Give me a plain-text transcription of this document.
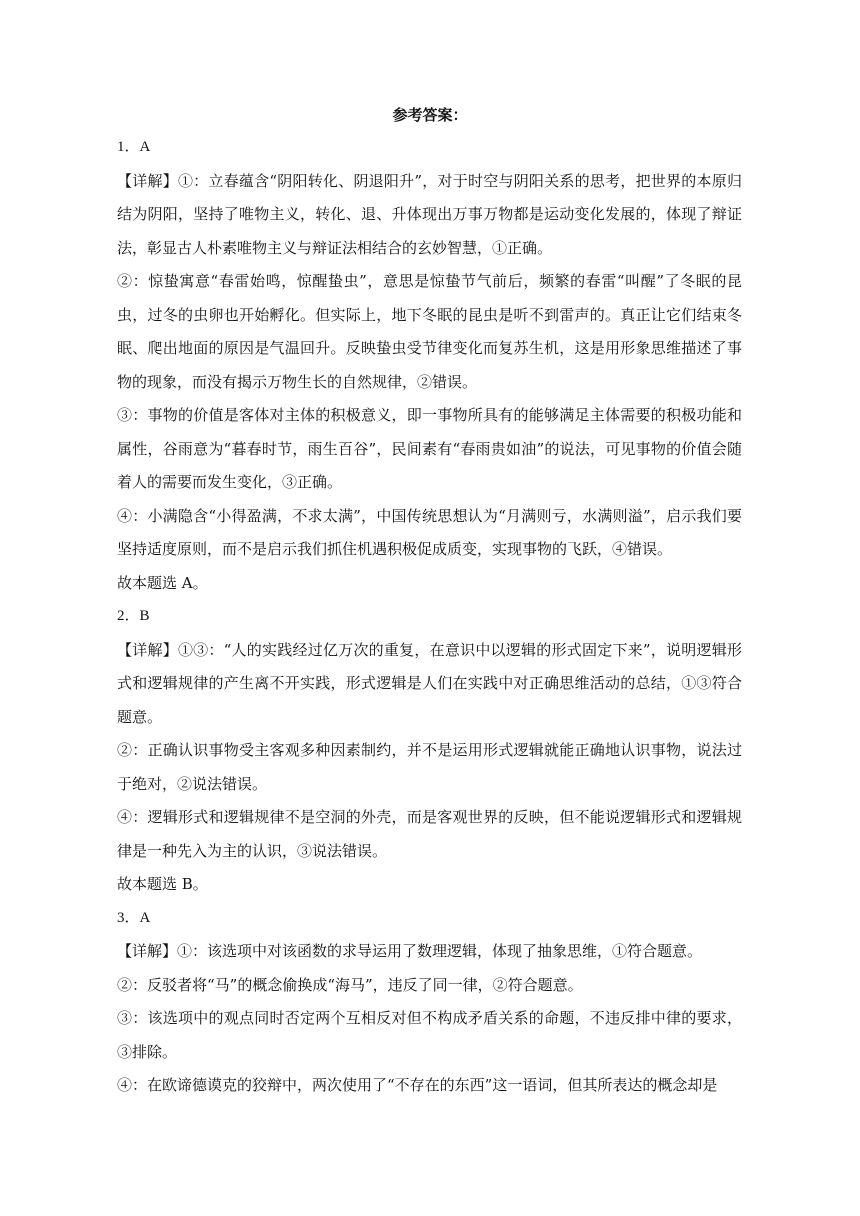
参考答案：

1．A

【详解】①：立春蕴含“阴阳转化、阴退阳升”，对于时空与阴阳关系的思考，把世界的本原归结为阴阳，坚持了唯物主义，转化、退、升体现出万事万物都是运动变化发展的，体现了辩证法，彰显古人朴素唯物主义与辩证法相结合的玄妙智慧，①正确。

②：惊蛰寓意“春雷始鸣，惊醒蛰虫”，意思是惊蛰节气前后，频繁的春雷“叫醒”了冬眠的昆虫，过冬的虫卵也开始孵化。但实际上，地下冬眠的昆虫是听不到雷声的。真正让它们结束冬眠、爬出地面的原因是气温回升。反映蛰虫受节律变化而复苏生机，这是用形象思维描述了事物的现象，而没有揭示万物生长的自然规律，②错误。

③：事物的价值是客体对主体的积极意义，即一事物所具有的能够满足主体需要的积极功能和属性，谷雨意为“暮春时节，雨生百谷”，民间素有“春雨贵如油”的说法，可见事物的价值会随着人的需要而发生变化，③正确。

④：小满隐含“小得盈满，不求太满”，中国传统思想认为“月满则亏，水满则溢”，启示我们要坚持适度原则，而不是启示我们抓住机遇积极促成质变，实现事物的飞跃，④错误。

故本题选 A。

2．B

【详解】①③：“人的实践经过亿万次的重复，在意识中以逻辑的形式固定下来”，说明逻辑形式和逻辑规律的产生离不开实践，形式逻辑是人们在实践中对正确思维活动的总结，①③符合题意。

②：正确认识事物受主客观多种因素制约，并不是运用形式逻辑就能正确地认识事物，说法过于绝对，②说法错误。

④：逻辑形式和逻辑规律不是空洞的外壳，而是客观世界的反映，但不能说逻辑形式和逻辑规律是一种先入为主的认识，③说法错误。

故本题选 B。

3．A

【详解】①：该选项中对该函数的求导运用了数理逻辑，体现了抽象思维，①符合题意。

②：反驳者将“马”的概念偷换成“海马”，违反了同一律，②符合题意。

③：该选项中的观点同时否定两个互相反对但不构成矛盾关系的命题，不违反排中律的要求，③排除。

④：在欧谛德谟克的狡辩中，两次使用了“不存在的东西”这一语词，但其所表达的概念却是
